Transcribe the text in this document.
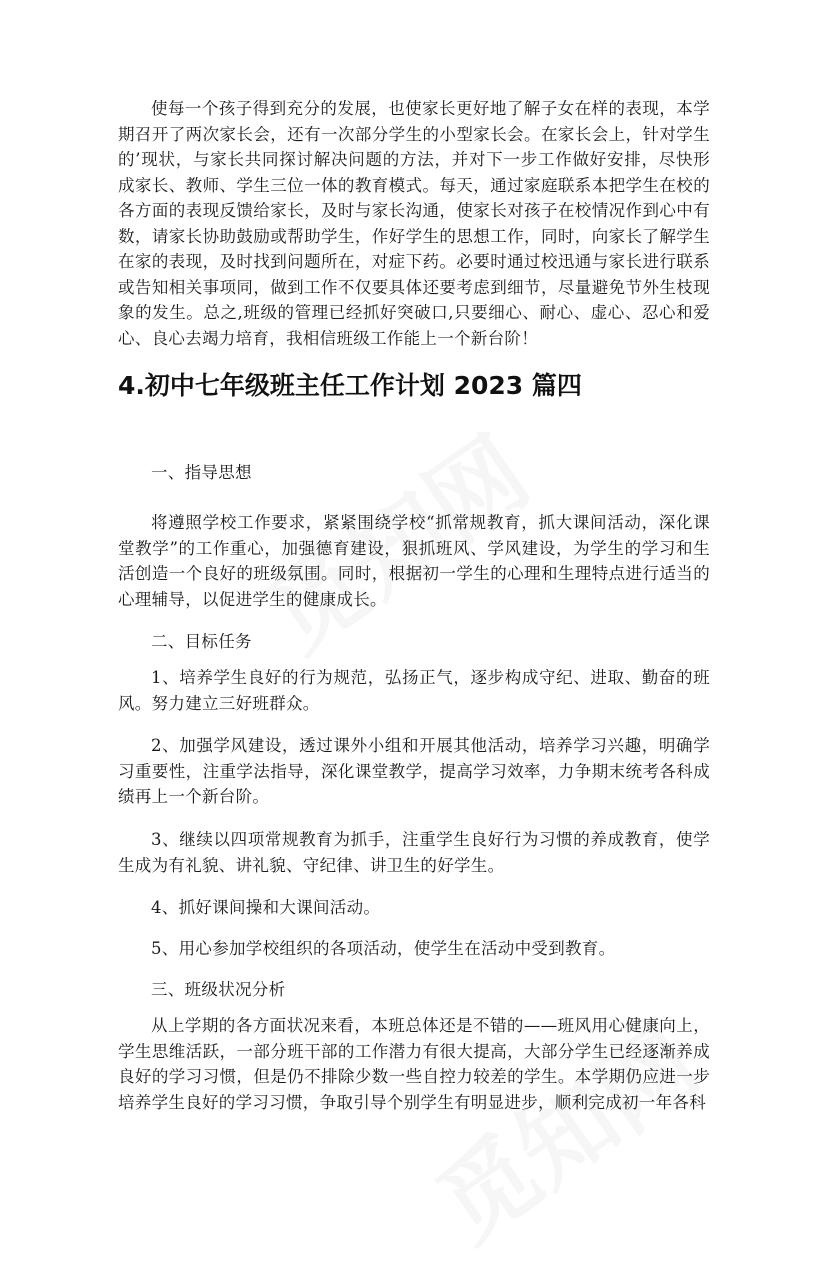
使每一个孩子得到充分的发展，也使家长更好地了解子女在样的表现，本学期召开了两次家长会，还有一次部分学生的小型家长会。在家长会上，针对学生的’现状，与家长共同探讨解决问题的方法，并对下一步工作做好安排，尽快形成家长、教师、学生三位一体的教育模式。每天，通过家庭联系本把学生在校的各方面的表现反馈给家长，及时与家长沟通，使家长对孩子在校情况作到心中有数，请家长协助鼓励或帮助学生，作好学生的思想工作，同时，向家长了解学生在家的表现，及时找到问题所在，对症下药。必要时通过校迅通与家长进行联系或告知相关事项同，做到工作不仅要具体还要考虑到细节，尽量避免节外生枝现象的发生。总之,班级的管理已经抓好突破口,只要细心、耐心、虚心、忍心和爱心、良心去竭力培育，我相信班级工作能上一个新台阶！

4.初中七年级班主任工作计划 2023 篇四

一、指导思想

将遵照学校工作要求，紧紧围绕学校“抓常规教育，抓大课间活动，深化课堂教学”的工作重心，加强德育建设，狠抓班风、学风建设，为学生的学习和生活创造一个良好的班级氛围。同时，根据初一学生的心理和生理特点进行适当的心理辅导，以促进学生的健康成长。

二、目标任务

1、培养学生良好的行为规范，弘扬正气，逐步构成守纪、进取、勤奋的班风。努力建立三好班群众。

2、加强学风建设，透过课外小组和开展其他活动，培养学习兴趣，明确学习重要性，注重学法指导，深化课堂教学，提高学习效率，力争期末统考各科成绩再上一个新台阶。

3、继续以四项常规教育为抓手，注重学生良好行为习惯的养成教育，使学生成为有礼貌、讲礼貌、守纪律、讲卫生的好学生。

4、抓好课间操和大课间活动。

5、用心参加学校组织的各项活动，使学生在活动中受到教育。

三、班级状况分析

从上学期的各方面状况来看，本班总体还是不错的——班风用心健康向上，学生思维活跃，一部分班干部的工作潜力有很大提高，大部分学生已经逐渐养成良好的学习习惯，但是仍不排除少数一些自控力较差的学生。本学期仍应进一步培养学生良好的学习习惯，争取引导个别学生有明显进步，顺利完成初一年各科
